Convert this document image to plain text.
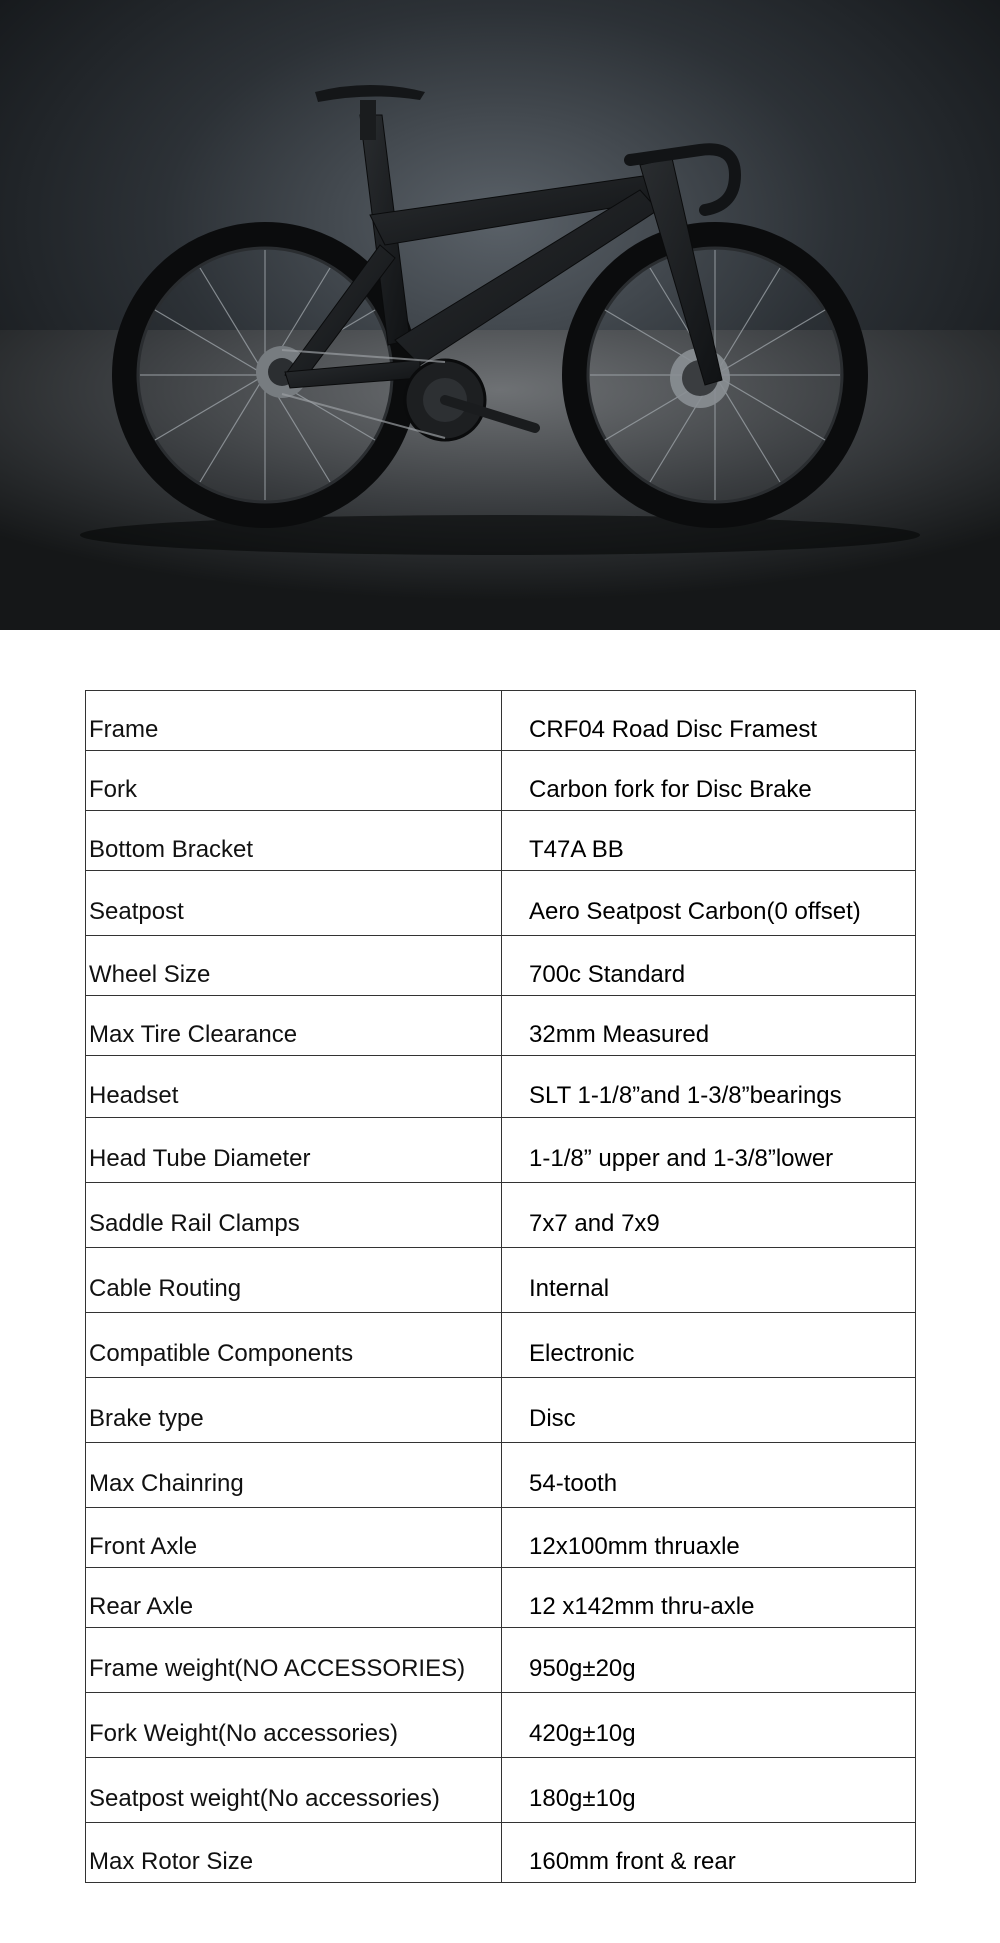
Frame	CRF04 Road Disc Framest
Fork	Carbon fork for Disc Brake
Bottom Bracket	T47A BB
Seatpost	Aero Seatpost Carbon(0 offset)
Wheel Size	700c Standard
Max Tire Clearance	32mm Measured
Headset	SLT 1-1/8”and 1-3/8”bearings
Head Tube Diameter	1-1/8” upper and 1-3/8”lower
Saddle Rail Clamps	7x7 and 7x9
Cable Routing	Internal
Compatible Components	Electronic
Brake type	Disc
Max Chainring	54-tooth
Front Axle	12x100mm thruaxle
Rear Axle	12 x142mm thru-axle
Frame weight(NO ACCESSORIES)	950g±20g
Fork Weight(No accessories)	420g±10g
Seatpost weight(No accessories)	180g±10g
Max Rotor Size	160mm front & rear
